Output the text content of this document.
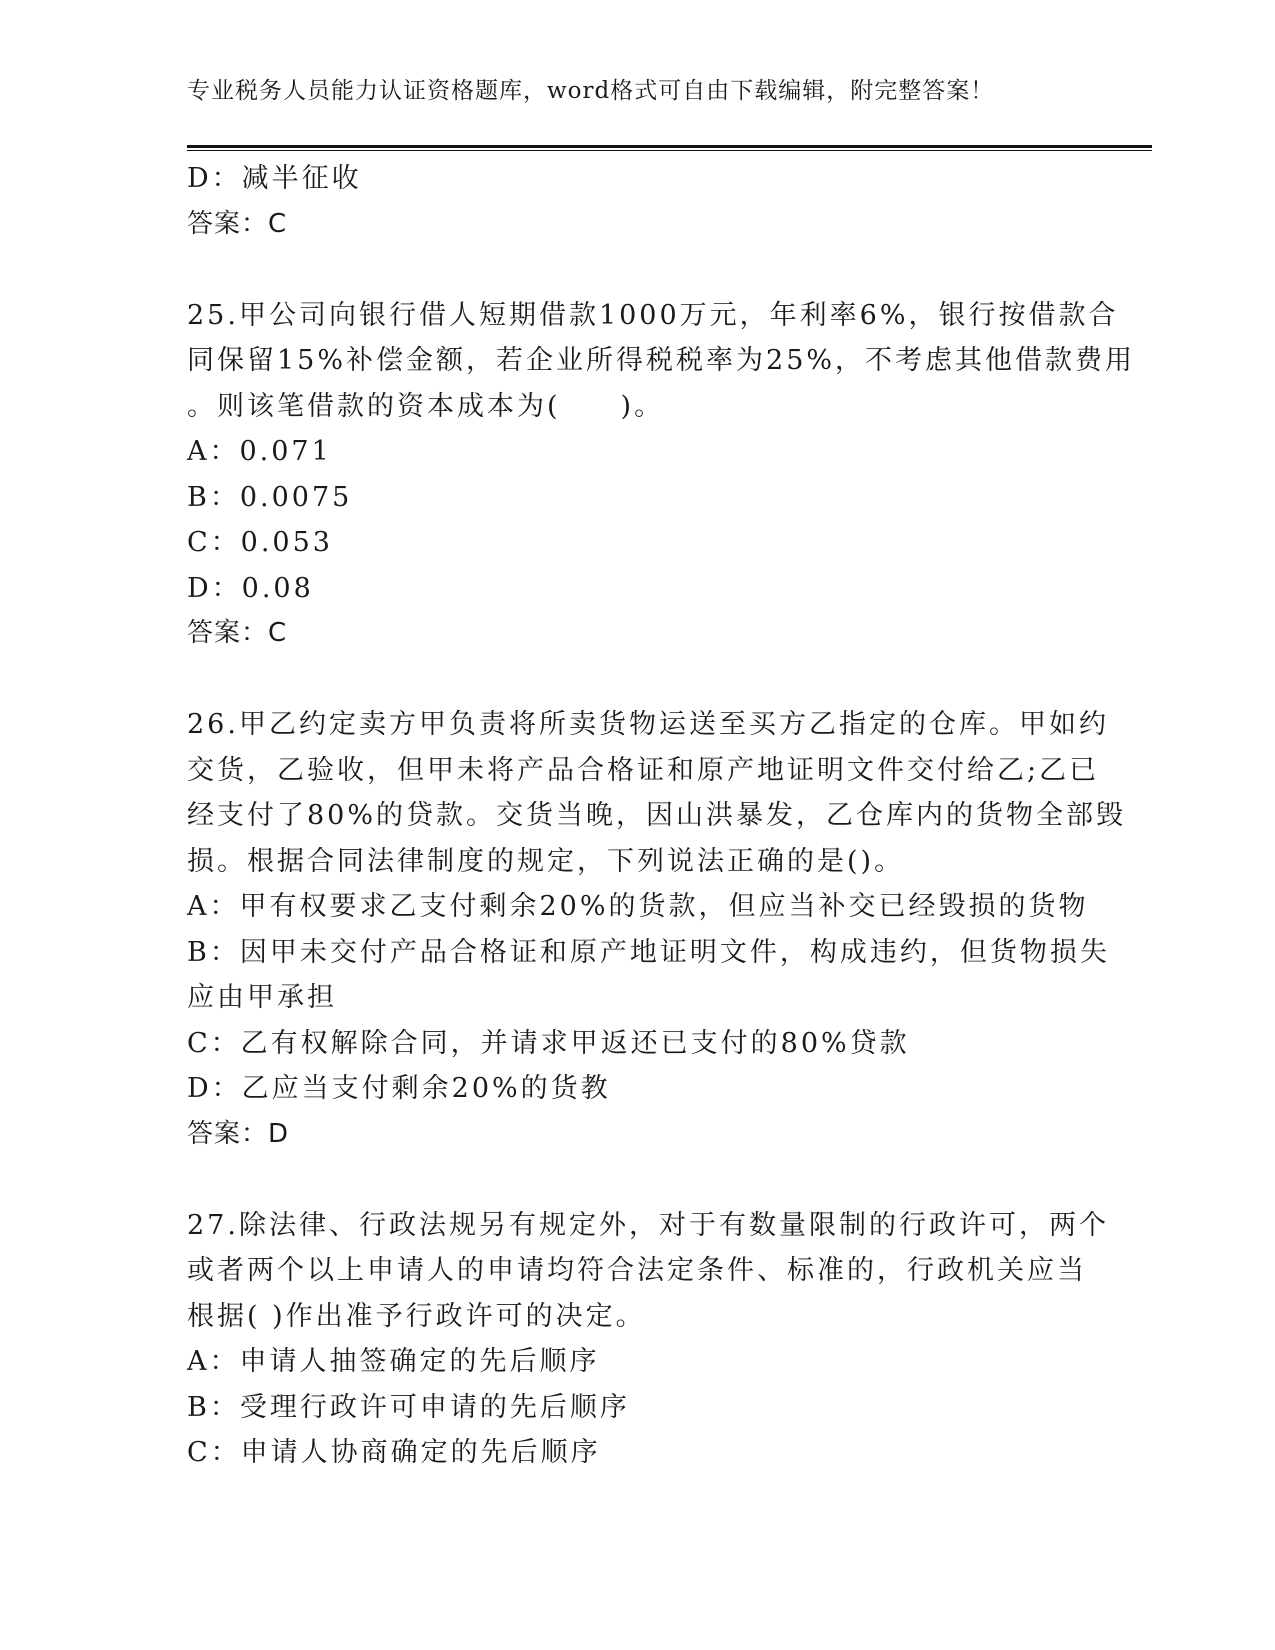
专业税务人员能力认证资格题库，word格式可自由下载编辑，附完整答案！

D：减半征收

答案：C

25.甲公司向银行借人短期借款1000万元，年利率6%，银行按借款合

同保留15%补偿金额，若企业所得税税率为25%，不考虑其他借款费用

。则该笔借款的资本成本为(　　)。

A：0.071

B：0.0075

C：0.053

D：0.08

答案：C

26.甲乙约定卖方甲负责将所卖货物运送至买方乙指定的仓库。甲如约

交货，乙验收，但甲未将产品合格证和原产地证明文件交付给乙;乙已

经支付了80%的贷款。交货当晚，因山洪暴发，乙仓库内的货物全部毁

损。根据合同法律制度的规定，下列说法正确的是()。

A：甲有权要求乙支付剩余20%的货款，但应当补交已经毁损的货物

B：因甲未交付产品合格证和原产地证明文件，构成违约，但货物损失

应由甲承担

C：乙有权解除合同，并请求甲返还已支付的80%贷款

D：乙应当支付剩余20%的货教

答案：D

27.除法律、行政法规另有规定外，对于有数量限制的行政许可，两个

或者两个以上申请人的申请均符合法定条件、标准的，行政机关应当

根据( )作出准予行政许可的决定。

A：申请人抽签确定的先后顺序

B：受理行政许可申请的先后顺序

C：申请人协商确定的先后顺序
